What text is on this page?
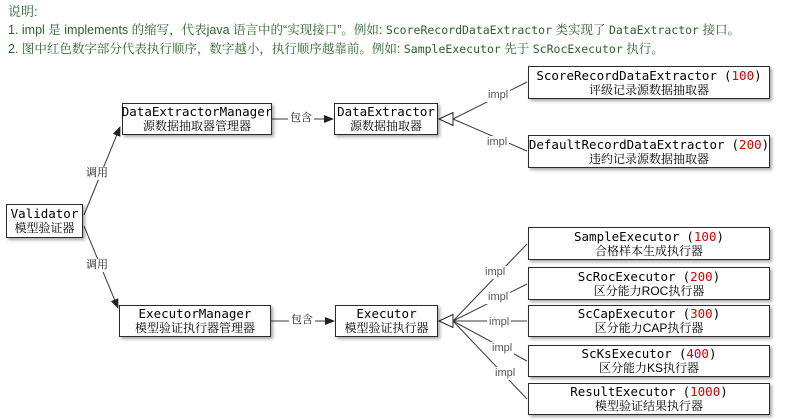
说明:
1. impl 是 implements 的缩写，代表java 语言中的“实现接口”。例如: ScoreRecordDataExtractor 类实现了 DataExtractor 接口。
2. 图中红色数字部分代表执行顺序，数字越小，执行顺序越靠前。例如: SampleExecutor 先于 ScRocExecutor 执行。
调用
调用
包含
包含
impl
impl
impl
impl
impl
impl
impl
Validator
模型验证器
DataExtractorManager
源数据抽取器管理器
DataExtractor
源数据抽取器
ExecutorManager
模型验证执行器管理器
Executor
模型验证执行器
ScoreRecordDataExtractor (100)
评级记录源数据抽取器
DefaultRecordDataExtractor (200)
违约记录源数据抽取器
SampleExecutor (100)
合格样本生成执行器
ScRocExecutor (200)
区分能力ROC执行器
ScCapExecutor (300)
区分能力CAP执行器
ScKsExecutor (400)
区分能力KS执行器
ResultExecutor (1000)
模型验证结果执行器
